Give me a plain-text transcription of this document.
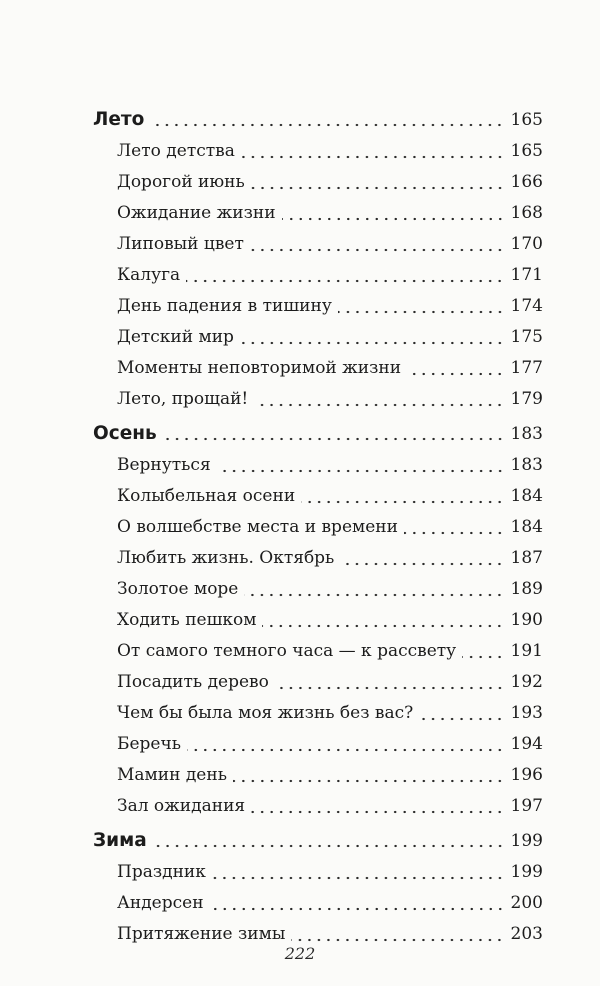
Лето	165
Лето детства	165
Дорогой июнь	166
Ожидание жизни	168
Липовый цвет	170
Калуга	171
День падения в тишину	174
Детский мир	175
Моменты неповторимой жизни	177
Лето, прощай!	179
Осень	183
Вернуться	183
Колыбельная осени	184
О волшебстве места и времени	184
Любить жизнь. Октябрь	187
Золотое море	189
Ходить пешком	190
От самого темного часа — к рассвету	191
Посадить дерево	192
Чем бы была моя жизнь без вас?	193
Беречь	194
Мамин день	196
Зал ожидания	197
Зима	199
Праздник	199
Андерсен	200
Притяжение зимы	203
222
